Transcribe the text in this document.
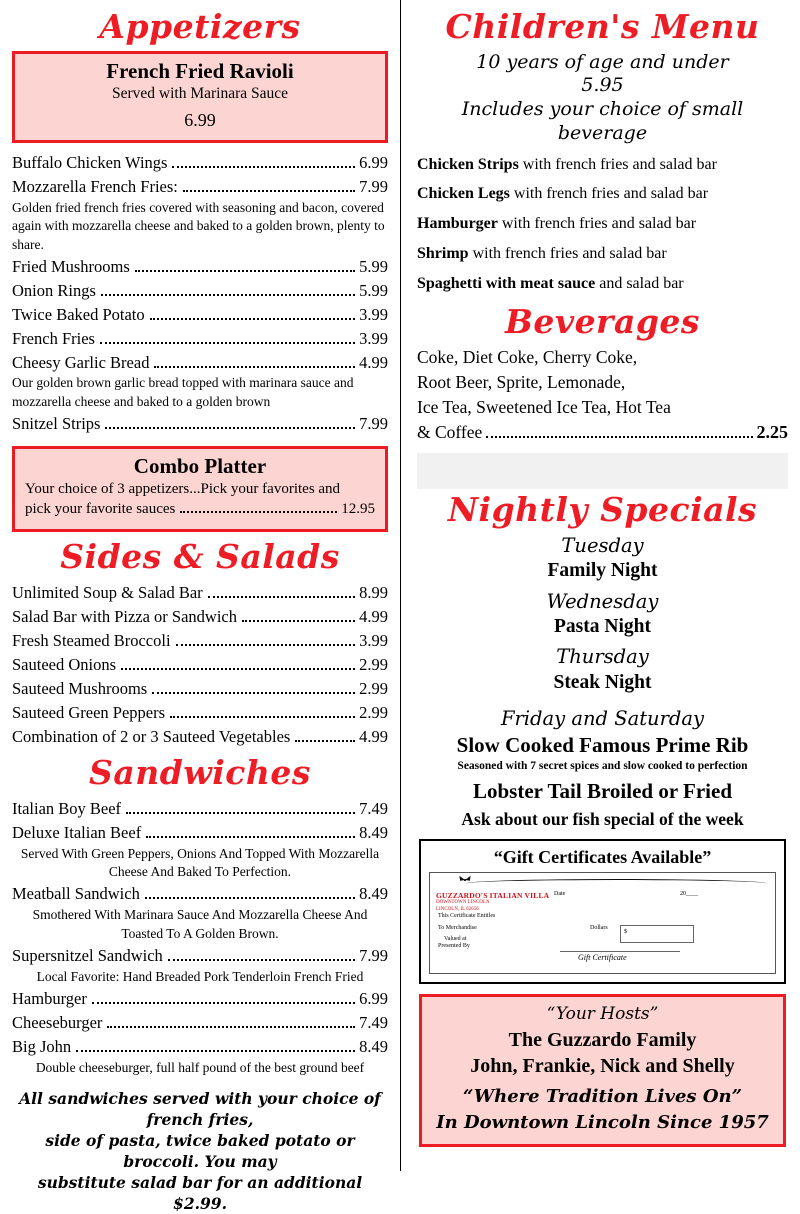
Appetizers
French Fried Ravioli
Served with Marinara Sauce
6.99
Buffalo Chicken Wings	6.99
Mozzarella French Fries:	7.99
Golden fried french fries covered with seasoning and bacon, covered again with mozzarella cheese and baked to a golden brown, plenty to share.
Fried Mushrooms	5.99
Onion Rings	5.99
Twice Baked Potato	3.99
French Fries	3.99
Cheesy Garlic Bread	4.99
Our golden brown garlic bread topped with marinara sauce and mozzarella cheese and baked to a golden brown
Snitzel Strips	7.99
Combo Platter
Your choice of 3 appetizers...Pick your favorites and
pick your favorite sauces	12.95
Sides & Salads
Unlimited Soup & Salad Bar	8.99
Salad Bar with Pizza or Sandwich	4.99
Fresh Steamed Broccoli	3.99
Sauteed Onions	2.99
Sauteed Mushrooms	2.99
Sauteed Green Peppers	2.99
Combination of 2 or 3 Sauteed Vegetables	4.99
Sandwiches
Italian Boy Beef	7.49
Deluxe Italian Beef	8.49
Served With Green Peppers, Onions And Topped With Mozzarella Cheese And Baked To Perfection.
Meatball Sandwich	8.49
Smothered With Marinara Sauce And Mozzarella Cheese And Toasted To A Golden Brown.
Supersnitzel Sandwich	7.99
Local Favorite: Hand Breaded Pork Tenderloin French Fried
Hamburger	6.99
Cheeseburger	7.49
Big John	8.49
Double cheeseburger, full half pound of the best ground beef
All sandwiches served with your choice of french fries,
side of pasta, twice baked potato or broccoli. You may
substitute salad bar for an additional $2.99.
Children's Menu
10 years of age and under
5.95
Includes your choice of small beverage
Chicken Strips with french fries and salad bar
Chicken Legs with french fries and salad bar
Hamburger with french fries and salad bar
Shrimp with french fries and salad bar
Spaghetti with meat sauce and salad bar
Beverages
Coke, Diet Coke, Cherry Coke,
Root Beer, Sprite, Lemonade,
Ice Tea, Sweetened Ice Tea, Hot Tea
& Coffee	2.25
Nightly Specials
Tuesday
Family Night
Wednesday
Pasta Night
Thursday
Steak Night
Friday and Saturday
Slow Cooked Famous Prime Rib
Seasoned with 7 secret spices and slow cooked to perfection
Lobster Tail Broiled or Fried
Ask about our fish special of the week
“Gift Certificates Available”
GUZZARDO'S ITALIAN VILLA
DOWNTOWN LINCOLN
LINCOLN, IL 62656
Date	20____
This Certificate Entitles
To Merchandise
Valued at
Dollars
$
Presented By
Gift Certificate
“Your Hosts”
The Guzzardo Family
John, Frankie, Nick and Shelly
“Where Tradition Lives On”
In Downtown Lincoln Since 1957
